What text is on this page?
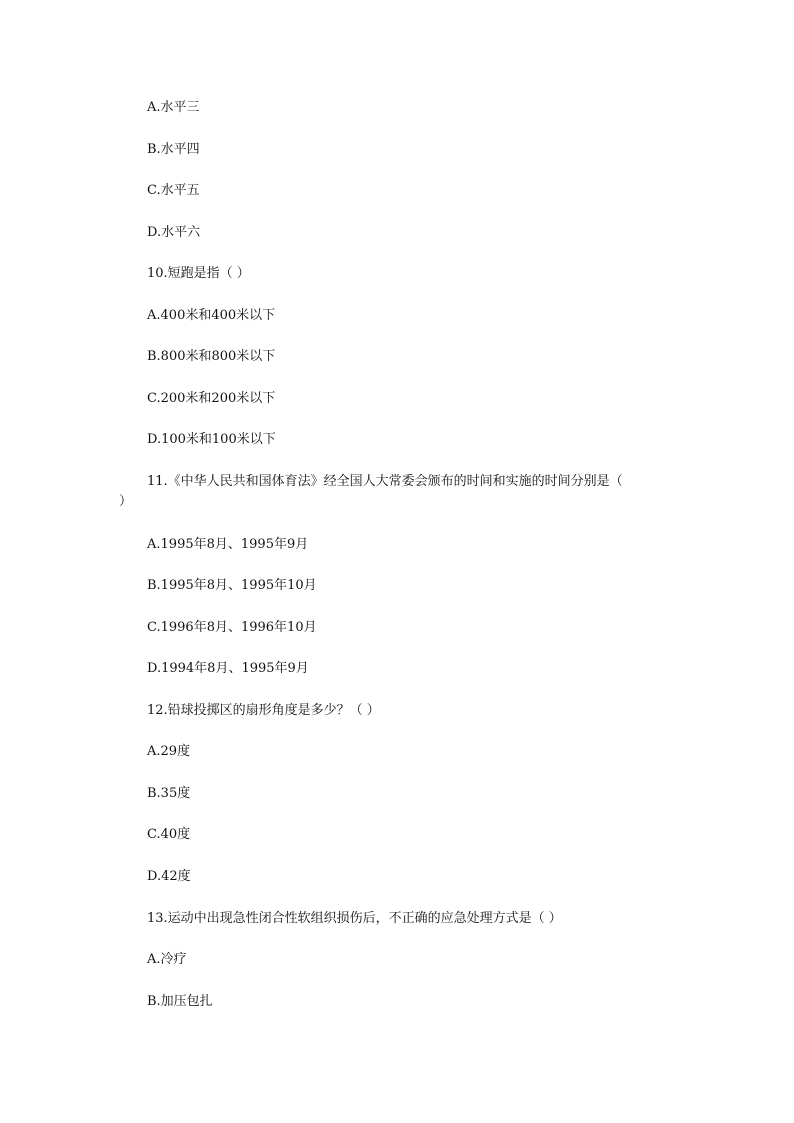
A.水平三
B.水平四
C.水平五
D.水平六
10.短跑是指（ ）
A.400米和400米以下
B.800米和800米以下
C.200米和200米以下
D.100米和100米以下
11.《中华人民共和国体育法》经全国人大常委会颁布的时间和实施的时间分别是（
）
A.1995年8月、1995年9月
B.1995年8月、1995年10月
C.1996年8月、1996年10月
D.1994年8月、1995年9月
12.铅球投掷区的扇形角度是多少？（ ）
A.29度
B.35度
C.40度
D.42度
13.运动中出现急性闭合性软组织损伤后，不正确的应急处理方式是（ ）
A.冷疗
B.加压包扎
